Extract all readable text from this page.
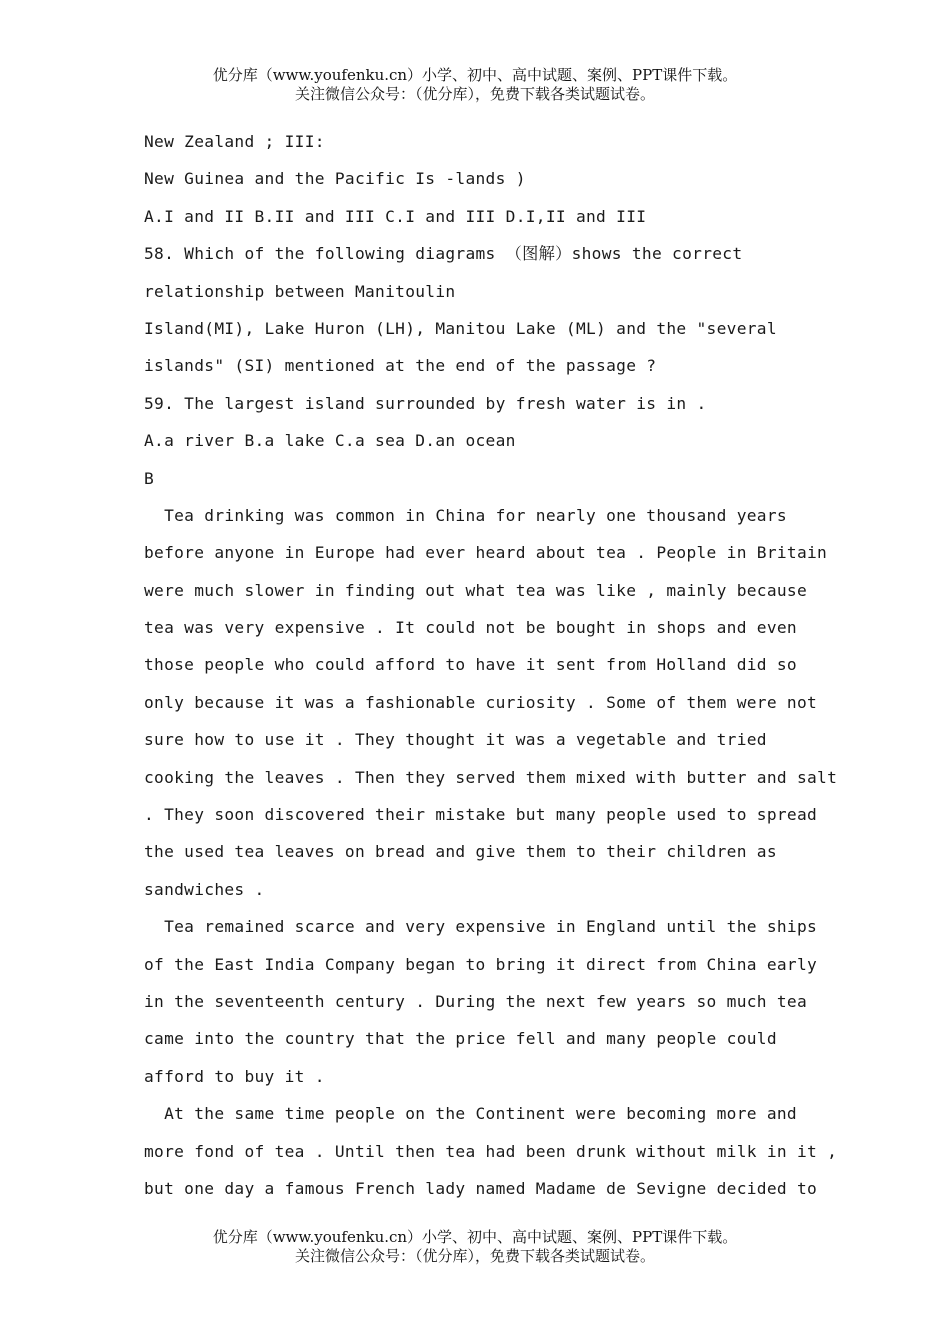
优分库（www.youfenku.cn）小学、初中、高中试题、案例、PPT课件下载。
关注微信公众号：（优分库），免费下载各类试题试卷。
New Zealand ; III:
New Guinea and the Pacific Is -lands )
A.I and II B.II and III C.I and III D.I,II and III
58. Which of the following diagrams （图解）shows the correct
relationship between Manitoulin
Island(MI), Lake Huron (LH), Manitou Lake (ML) and the "several
islands" (SI) mentioned at the end of the passage ?
59. The largest island surrounded by fresh water is in .
A.a river B.a lake C.a sea D.an ocean
B
Tea drinking was common in China for nearly one thousand years
before anyone in Europe had ever heard about tea . People in Britain
were much slower in finding out what tea was like , mainly because
tea was very expensive . It could not be bought in shops and even
those people who could afford to have it sent from Holland did so
only because it was a fashionable curiosity . Some of them were not
sure how to use it . They thought it was a vegetable and tried
cooking the leaves . Then they served them mixed with butter and salt
. They soon discovered their mistake but many people used to spread
the used tea leaves on bread and give them to their children as
sandwiches .
Tea remained scarce and very expensive in England until the ships
of the East India Company began to bring it direct from China early
in the seventeenth century . During the next few years so much tea
came into the country that the price fell and many people could
afford to buy it .
At the same time people on the Continent were becoming more and
more fond of tea . Until then tea had been drunk without milk in it ,
but one day a famous French lady named Madame de Sevigne decided to
优分库（www.youfenku.cn）小学、初中、高中试题、案例、PPT课件下载。
关注微信公众号：（优分库），免费下载各类试题试卷。
